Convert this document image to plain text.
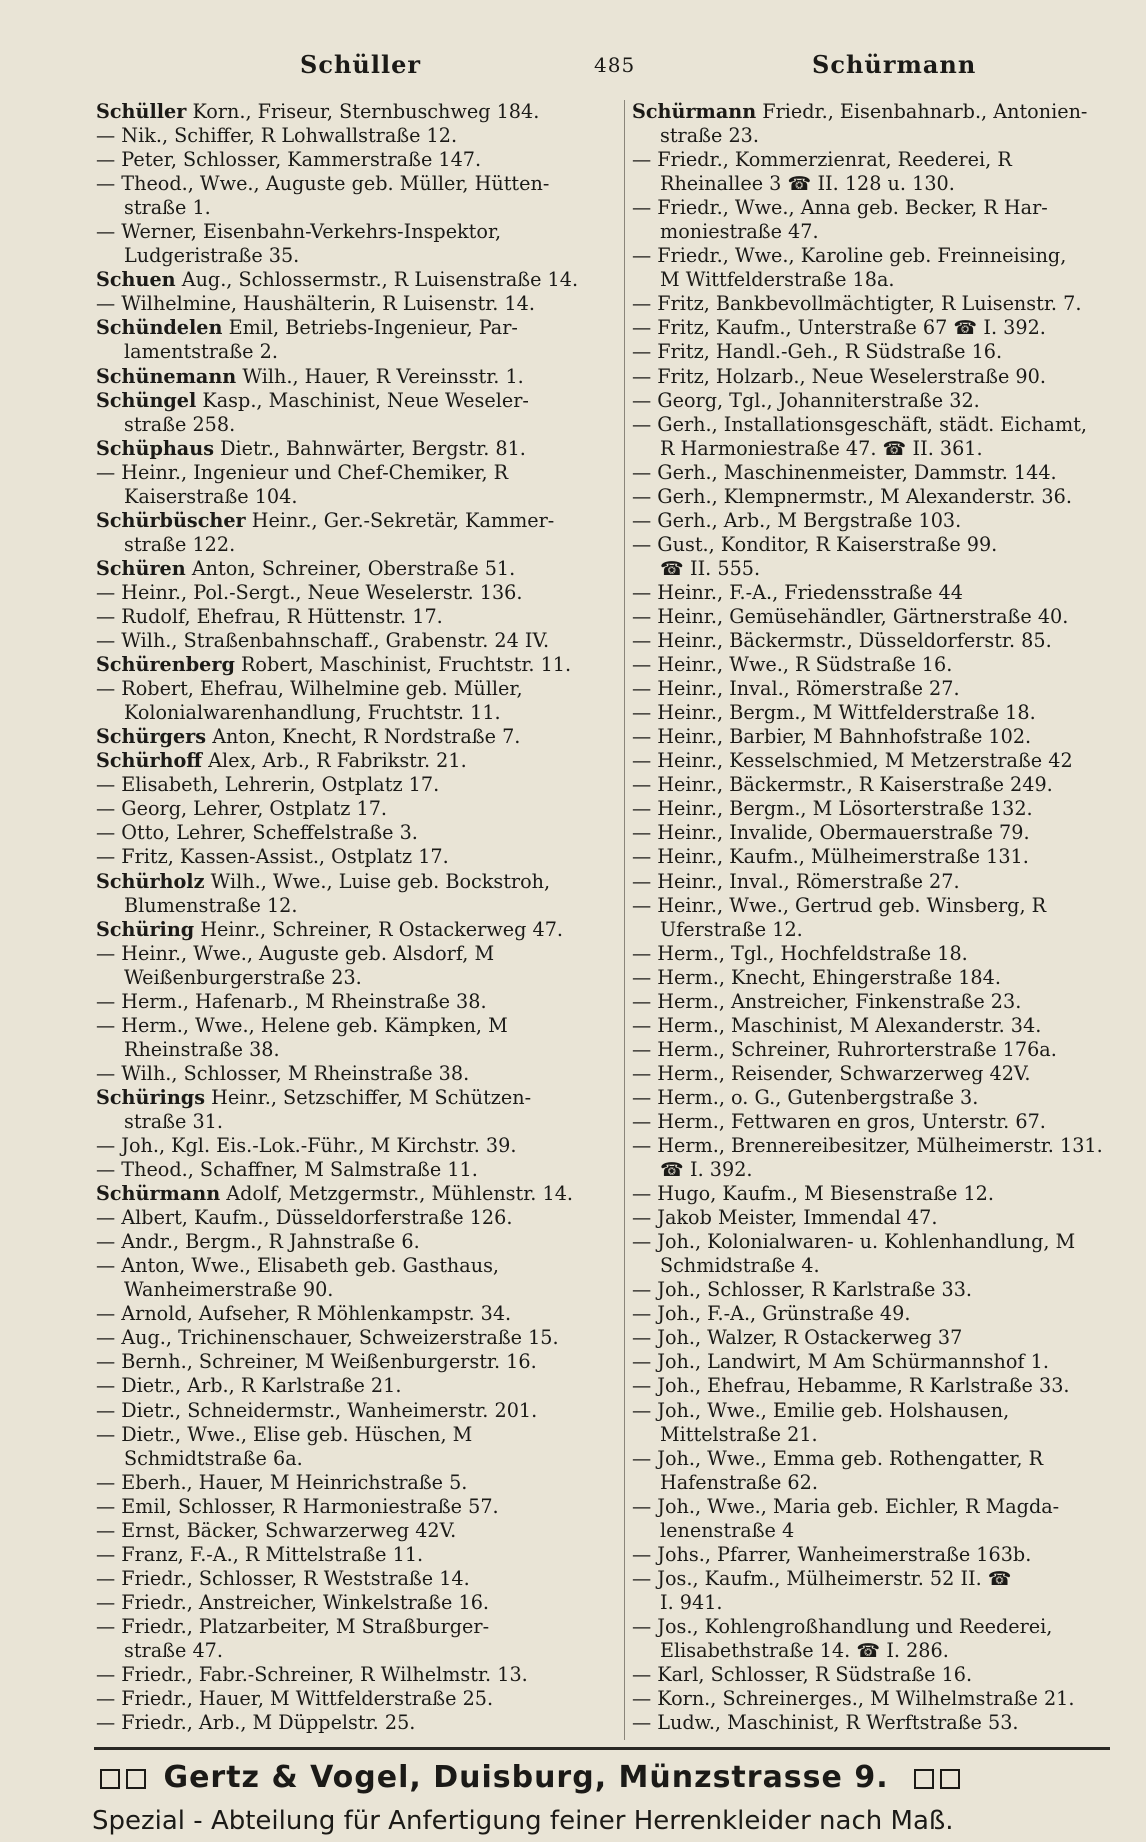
Schüller	485	Schürmann
Schüller Korn., Friseur, Sternbuschweg 184.
— Nik., Schiffer, R Lohwallstraße 12.
— Peter, Schlosser, Kammerstraße 147.
— Theod., Wwe., Auguste geb. Müller, Hütten-
straße 1.
— Werner, Eisenbahn-Verkehrs-Inspektor,
Ludgeristraße 35.
Schuen Aug., Schlossermstr., R Luisenstraße 14.
— Wilhelmine, Haushälterin, R Luisenstr. 14.
Schündelen Emil, Betriebs-Ingenieur, Par-
lamentstraße 2.
Schünemann Wilh., Hauer, R Vereinsstr. 1.
Schüngel Kasp., Maschinist, Neue Weseler-
straße 258.
Schüphaus Dietr., Bahnwärter, Bergstr. 81.
— Heinr., Ingenieur und Chef-Chemiker, R
Kaiserstraße 104.
Schürbüscher Heinr., Ger.-Sekretär, Kammer-
straße 122.
Schüren Anton, Schreiner, Oberstraße 51.
— Heinr., Pol.-Sergt., Neue Weselerstr. 136.
— Rudolf, Ehefrau, R Hüttenstr. 17.
— Wilh., Straßenbahnschaff., Grabenstr. 24 IV.
Schürenberg Robert, Maschinist, Fruchtstr. 11.
— Robert, Ehefrau, Wilhelmine geb. Müller,
Kolonialwarenhandlung, Fruchtstr. 11.
Schürgers Anton, Knecht, R Nordstraße 7.
Schürhoff Alex, Arb., R Fabrikstr. 21.
— Elisabeth, Lehrerin, Ostplatz 17.
— Georg, Lehrer, Ostplatz 17.
— Otto, Lehrer, Scheffelstraße 3.
— Fritz, Kassen-Assist., Ostplatz 17.
Schürholz Wilh., Wwe., Luise geb. Bockstroh,
Blumenstraße 12.
Schüring Heinr., Schreiner, R Ostackerweg 47.
— Heinr., Wwe., Auguste geb. Alsdorf, M
Weißenburgerstraße 23.
— Herm., Hafenarb., M Rheinstraße 38.
— Herm., Wwe., Helene geb. Kämpken, M
Rheinstraße 38.
— Wilh., Schlosser, M Rheinstraße 38.
Schürings Heinr., Setzschiffer, M Schützen-
straße 31.
— Joh., Kgl. Eis.-Lok.-Führ., M Kirchstr. 39.
— Theod., Schaffner, M Salmstraße 11.
Schürmann Adolf, Metzgermstr., Mühlenstr. 14.
— Albert, Kaufm., Düsseldorferstraße 126.
— Andr., Bergm., R Jahnstraße 6.
— Anton, Wwe., Elisabeth geb. Gasthaus,
Wanheimerstraße 90.
— Arnold, Aufseher, R Möhlenkampstr. 34.
— Aug., Trichinenschauer, Schweizerstraße 15.
— Bernh., Schreiner, M Weißenburgerstr. 16.
— Dietr., Arb., R Karlstraße 21.
— Dietr., Schneidermstr., Wanheimerstr. 201.
— Dietr., Wwe., Elise geb. Hüschen, M
Schmidtstraße 6a.
— Eberh., Hauer, M Heinrichstraße 5.
— Emil, Schlosser, R Harmoniestraße 57.
— Ernst, Bäcker, Schwarzerweg 42V.
— Franz, F.-A., R Mittelstraße 11.
— Friedr., Schlosser, R Weststraße 14.
— Friedr., Anstreicher, Winkelstraße 16.
— Friedr., Platzarbeiter, M Straßburger-
straße 47.
— Friedr., Fabr.-Schreiner, R Wilhelmstr. 13.
— Friedr., Hauer, M Wittfelderstraße 25.
— Friedr., Arb., M Düppelstr. 25.
Schürmann Friedr., Eisenbahnarb., Antonien-
straße 23.
— Friedr., Kommerzienrat, Reederei, R
Rheinallee 3 ☎ II. 128 u. 130.
— Friedr., Wwe., Anna geb. Becker, R Har-
moniestraße 47.
— Friedr., Wwe., Karoline geb. Freinneising,
M Wittfelderstraße 18a.
— Fritz, Bankbevollmächtigter, R Luisenstr. 7.
— Fritz, Kaufm., Unterstraße 67 ☎ I. 392.
— Fritz, Handl.-Geh., R Südstraße 16.
— Fritz, Holzarb., Neue Weselerstraße 90.
— Georg, Tgl., Johanniterstraße 32.
— Gerh., Installationsgeschäft, städt. Eichamt,
R Harmoniestraße 47. ☎ II. 361.
— Gerh., Maschinenmeister, Dammstr. 144.
— Gerh., Klempnermstr., M Alexanderstr. 36.
— Gerh., Arb., M Bergstraße 103.
— Gust., Konditor, R Kaiserstraße 99.
☎ II. 555.
— Heinr., F.-A., Friedensstraße 44
— Heinr., Gemüsehändler, Gärtnerstraße 40.
— Heinr., Bäckermstr., Düsseldorferstr. 85.
— Heinr., Wwe., R Südstraße 16.
— Heinr., Inval., Römerstraße 27.
— Heinr., Bergm., M Wittfelderstraße 18.
— Heinr., Barbier, M Bahnhofstraße 102.
— Heinr., Kesselschmied, M Metzerstraße 42
— Heinr., Bäckermstr., R Kaiserstraße 249.
— Heinr., Bergm., M Lösorterstraße 132.
— Heinr., Invalide, Obermauerstraße 79.
— Heinr., Kaufm., Mülheimerstraße 131.
— Heinr., Inval., Römerstraße 27.
— Heinr., Wwe., Gertrud geb. Winsberg, R
Uferstraße 12.
— Herm., Tgl., Hochfeldstraße 18.
— Herm., Knecht, Ehingerstraße 184.
— Herm., Anstreicher, Finkenstraße 23.
— Herm., Maschinist, M Alexanderstr. 34.
— Herm., Schreiner, Ruhrorterstraße 176a.
— Herm., Reisender, Schwarzerweg 42V.
— Herm., o. G., Gutenbergstraße 3.
— Herm., Fettwaren en gros, Unterstr. 67.
— Herm., Brennereibesitzer, Mülheimerstr. 131.
☎ I. 392.
— Hugo, Kaufm., M Biesenstraße 12.
— Jakob Meister, Immendal 47.
— Joh., Kolonialwaren- u. Kohlenhandlung, M
Schmidstraße 4.
— Joh., Schlosser, R Karlstraße 33.
— Joh., F.-A., Grünstraße 49.
— Joh., Walzer, R Ostackerweg 37
— Joh., Landwirt, M Am Schürmannshof 1.
— Joh., Ehefrau, Hebamme, R Karlstraße 33.
— Joh., Wwe., Emilie geb. Holshausen,
Mittelstraße 21.
— Joh., Wwe., Emma geb. Rothengatter, R
Hafenstraße 62.
— Joh., Wwe., Maria geb. Eichler, R Magda-
lenenstraße 4
— Johs., Pfarrer, Wanheimerstraße 163b.
— Jos., Kaufm., Mülheimerstr. 52 II. ☎
I. 941.
— Jos., Kohlengroßhandlung und Reederei,
Elisabethstraße 14. ☎ I. 286.
— Karl, Schlosser, R Südstraße 16.
— Korn., Schreinerges., M Wilhelmstraße 21.
— Ludw., Maschinist, R Werftstraße 53.
Gertz & Vogel, Duisburg, Münzstrasse 9.
Spezial - Abteilung für Anfertigung feiner Herrenkleider nach Maß.
